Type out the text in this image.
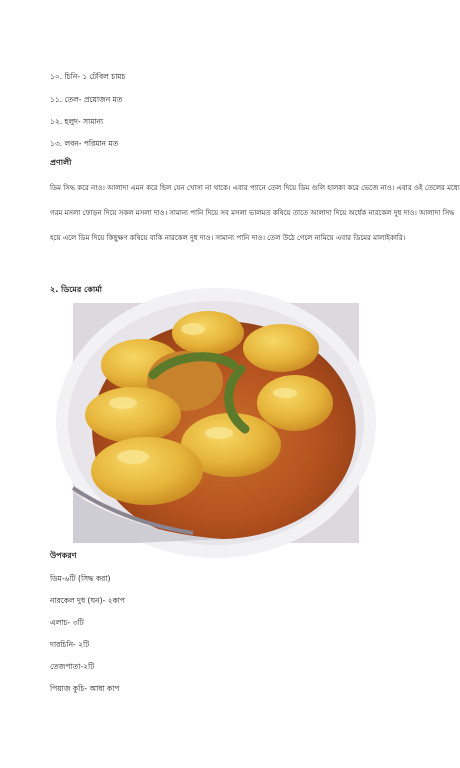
১০. চিনি- ১ টেবিল চামচ
১১. তেল- প্রয়োজন মত
১২. হলুদ- সামান্য
১৩. লবন- পরিমান মত
প্রণালী
ডিম সিদ্ধ করে নাও। আলাদা এমন করে ছিল যেন খোসা না থাকে। এবার প্যানে তেল দিয়ে ডিম গুলি হালকা করে ভেজে নাও। এবার ওই তেলের মধ্যে
গরম মসলা ফোড়ন দিয়ে সকল মসলা দাও। সামান্য পানি দিয়ে সব মসলা ভালমত কষিয়ে তাতে আলাদা দিয়ে অর্ধেক নারকেল দুধ দাও। আলাদা সিদ্ধ
হয়ে এলে ডিম দিয়ে কিছুক্ষণ কষিয়ে বাকি নারকেল দুধ দাও। সামান্য পানি দাও। তেল উঠে গেলে নামিয়ে এবার ডিমের মালাইকারি।
২. ডিমের কোর্মা
উপকরণ
ডিম-৬টি (সিদ্ধ করা)
নারকেল দুধ (ঘন)- ২কাপ
এলাচ- ৩টি
দারচিনি- ২টি
তেজপাতা-২টি
পিয়াজ কুচি- আধা কাপ
